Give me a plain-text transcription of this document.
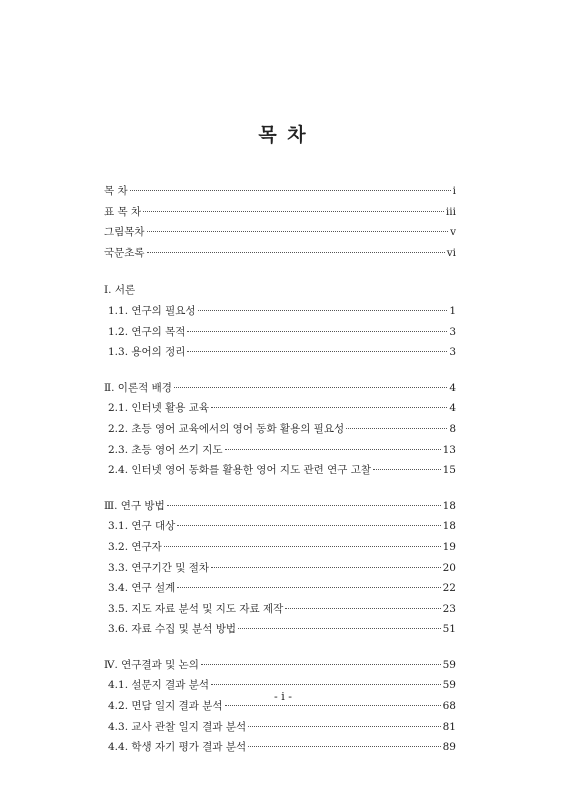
목 차
목 차	i
표 목 차	iii
그림목차	v
국문초록	vi
Ⅰ. 서론
1.1. 연구의 필요성	1
1.2. 연구의 목적	3
1.3. 용어의 정리	3
Ⅱ. 이론적 배경	4
2.1. 인터넷 활용 교육	4
2.2. 초등 영어 교육에서의 영어 동화 활용의 필요성	8
2.3. 초등 영어 쓰기 지도	13
2.4. 인터넷 영어 동화를 활용한 영어 지도 관련 연구 고찰	15
Ⅲ. 연구 방법	18
3.1. 연구 대상	18
3.2. 연구자	19
3.3. 연구기간 및 절차	20
3.4. 연구 설계	22
3.5. 지도 자료 분석 및 지도 자료 제작	23
3.6. 자료 수집 및 분석 방법	51
Ⅳ. 연구결과 및 논의	59
4.1. 설문지 결과 분석	59
4.2. 면담 일지 결과 분석	68
4.3. 교사 관찰 일지 결과 분석	81
4.4. 학생 자기 평가 결과 분석	89
- ⅰ -
